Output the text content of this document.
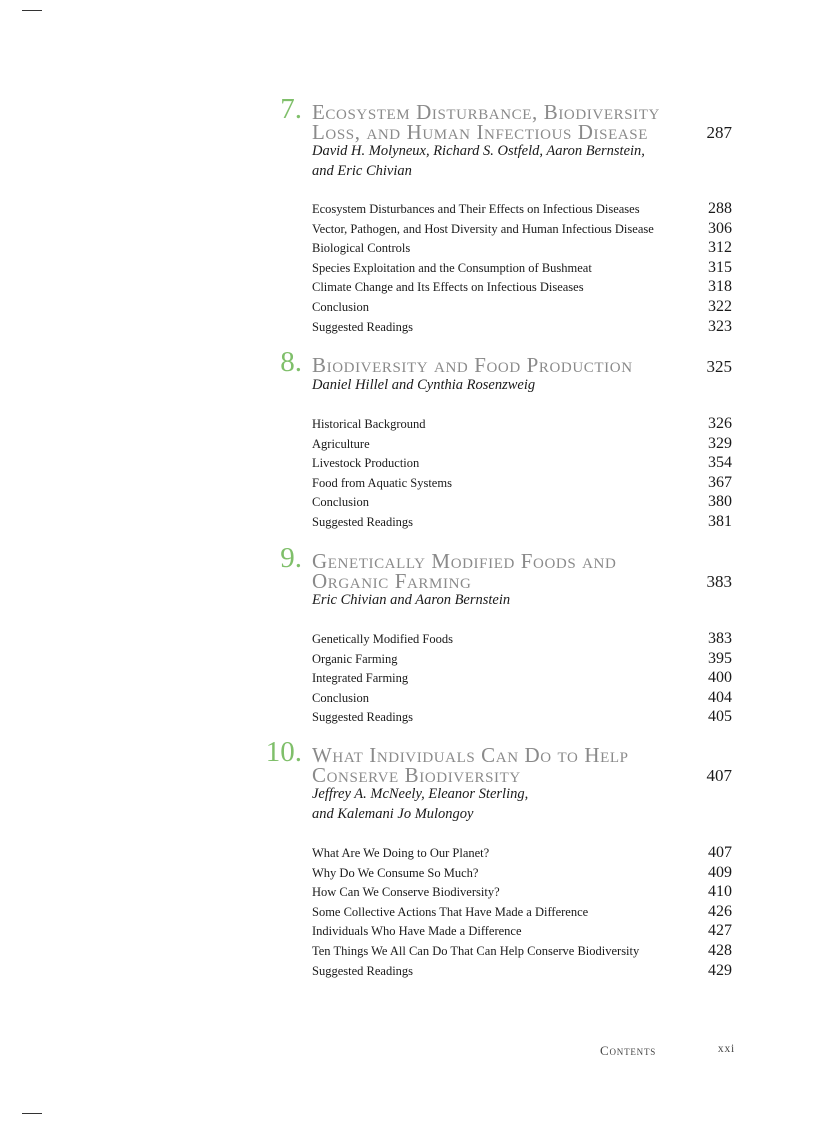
7. Ecosystem Disturbance, Biodiversity
Loss, and Human Infectious Disease	287
David H. Molyneux, Richard S. Ostfeld, Aaron Bernstein,
and Eric Chivian
Ecosystem Disturbances and Their Effects on Infectious Diseases	288
Vector, Pathogen, and Host Diversity and Human Infectious Disease	306
Biological Controls	312
Species Exploitation and the Consumption of Bushmeat	315
Climate Change and Its Effects on Infectious Diseases	318
Conclusion	322
Suggested Readings	323
8. Biodiversity and Food Production	325
Daniel Hillel and Cynthia Rosenzweig
Historical Background	326
Agriculture	329
Livestock Production	354
Food from Aquatic Systems	367
Conclusion	380
Suggested Readings	381
9. Genetically Modified Foods and
Organic Farming	383
Eric Chivian and Aaron Bernstein
Genetically Modified Foods	383
Organic Farming	395
Integrated Farming	400
Conclusion	404
Suggested Readings	405
10. What Individuals Can Do to Help
Conserve Biodiversity	407
Jeffrey A. McNeely, Eleanor Sterling,
and Kalemani Jo Mulongoy
What Are We Doing to Our Planet?	407
Why Do We Consume So Much?	409
How Can We Conserve Biodiversity?	410
Some Collective Actions That Have Made a Difference	426
Individuals Who Have Made a Difference	427
Ten Things We All Can Do That Can Help Conserve Biodiversity	428
Suggested Readings	429
Contents	xxi
